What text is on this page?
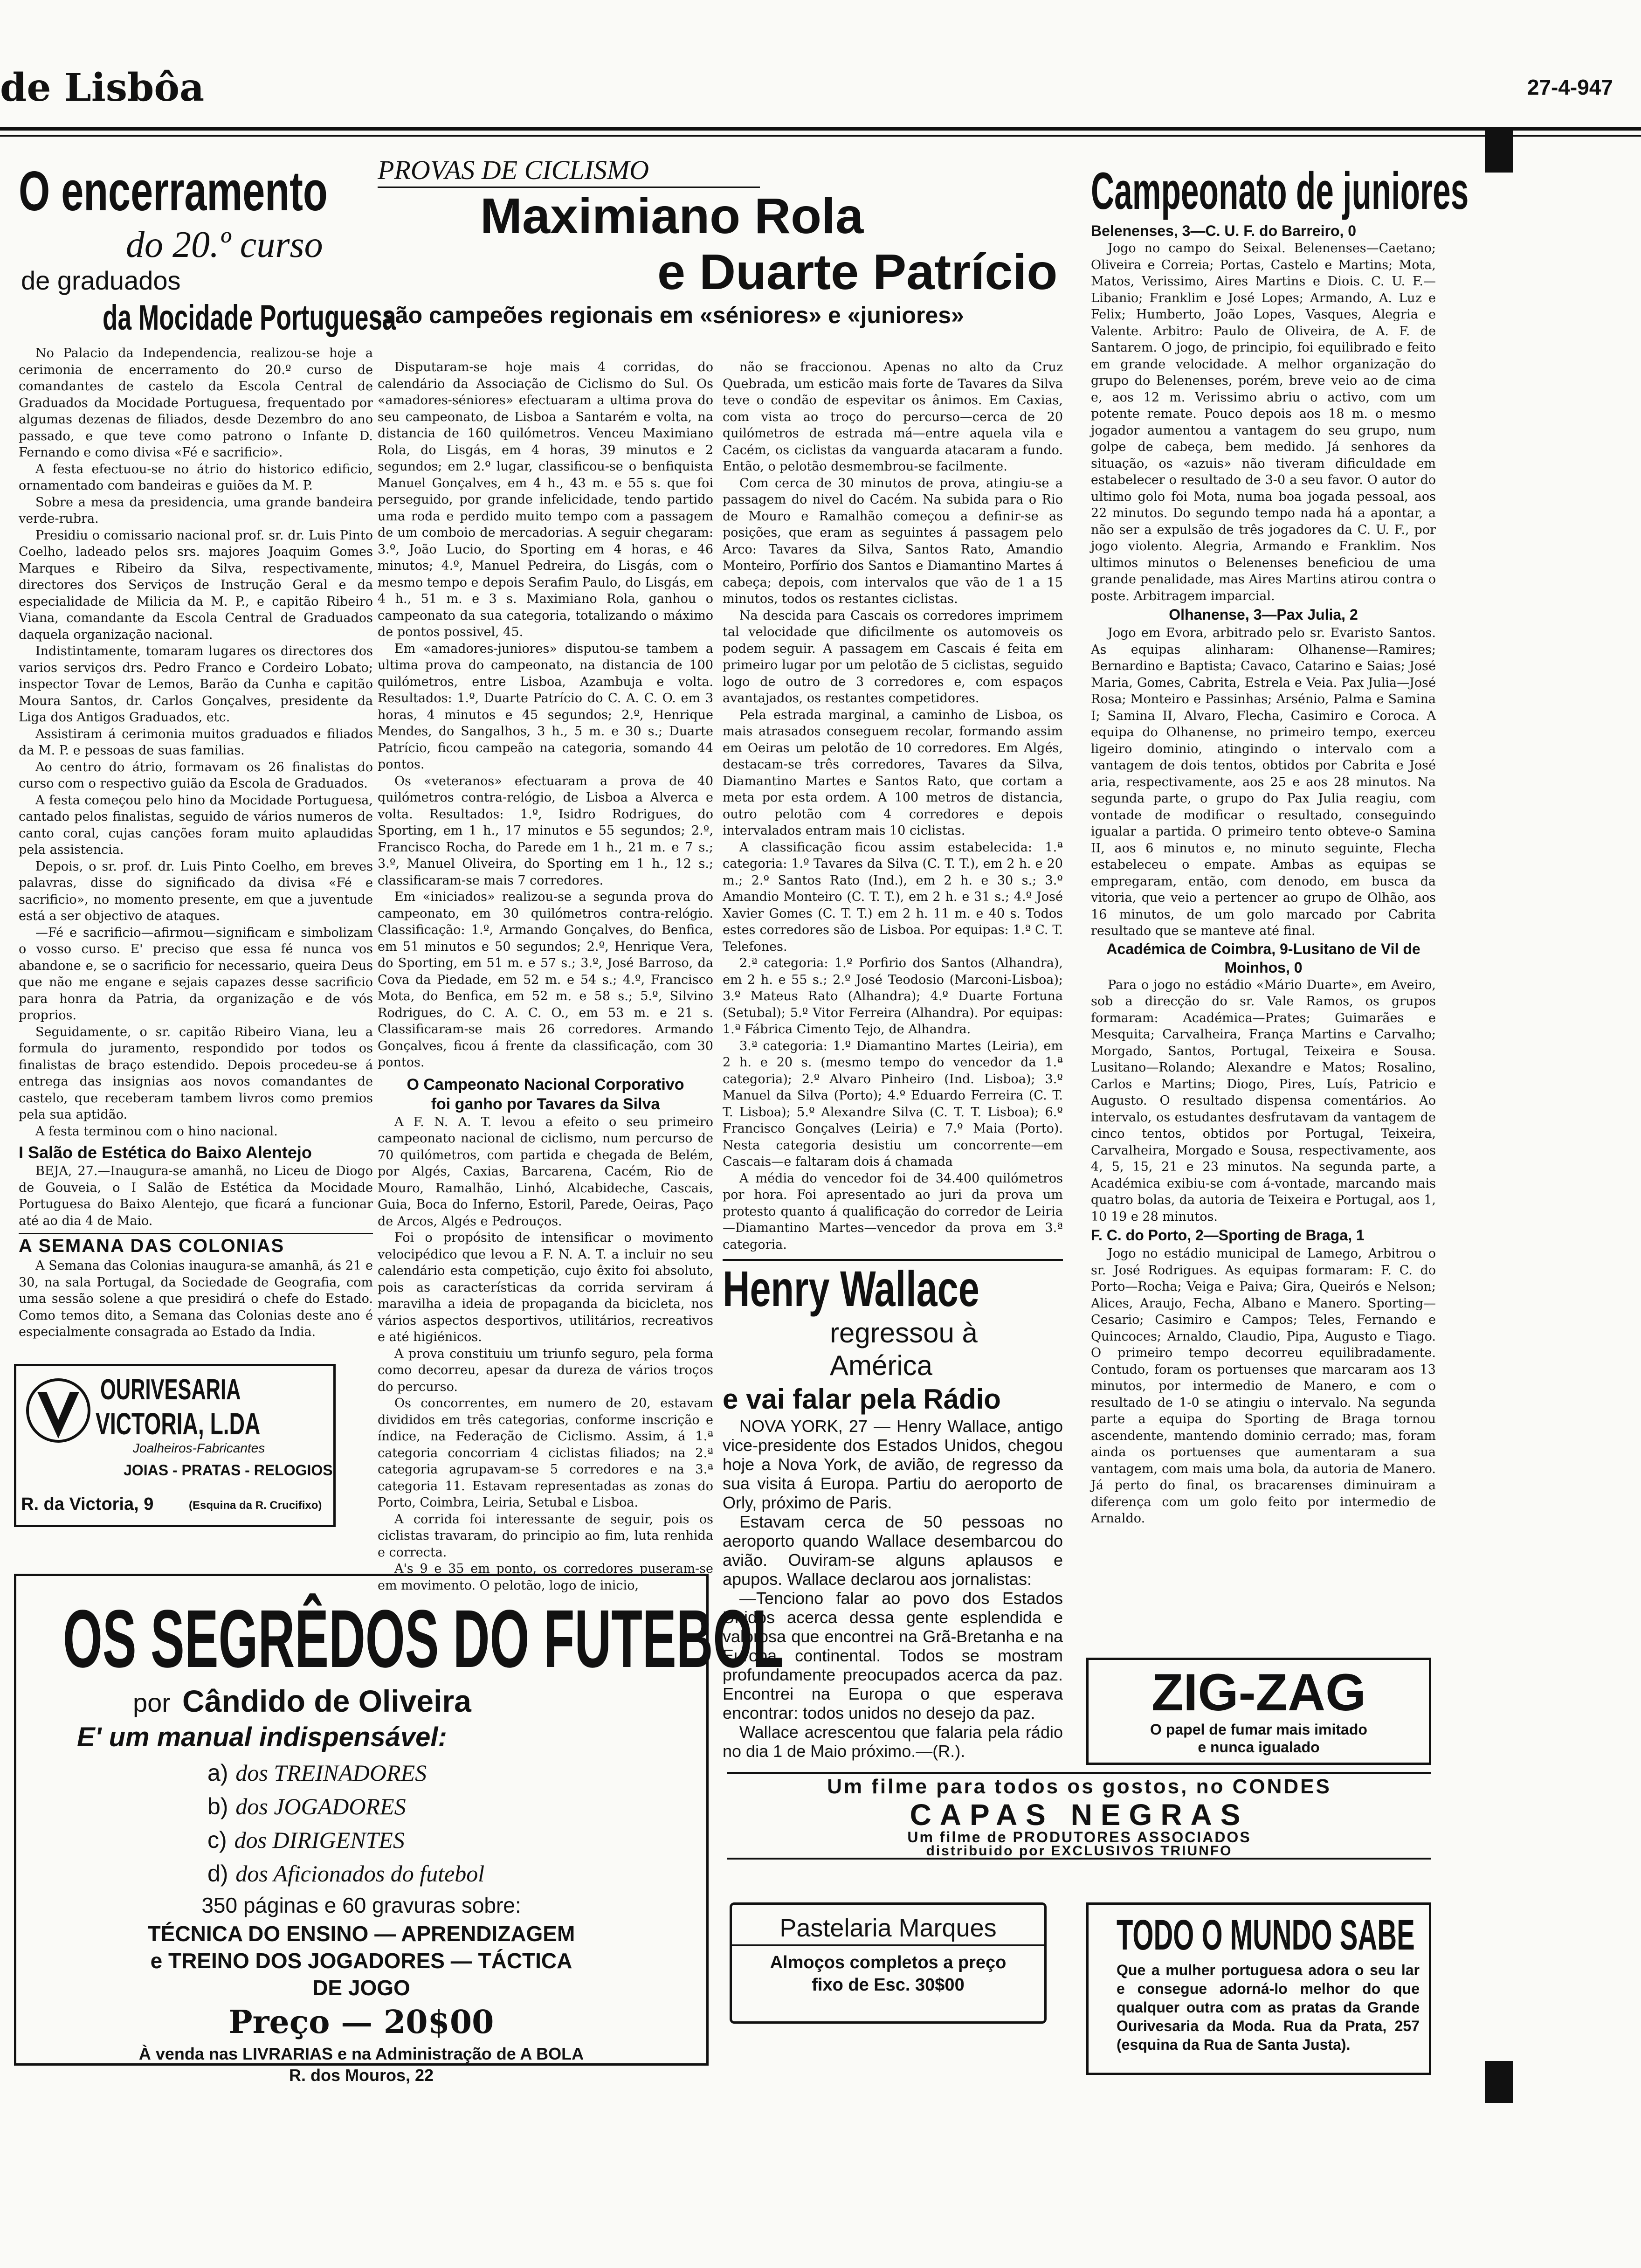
de Lisbôa	27-4-947
O encerramento
do 20.º curso
de graduados
da Mocidade Portuguesa

No Palacio da Independencia, realizou-se hoje a cerimonia de encerramento do 20.º curso de comandantes de castelo da Escola Central de Graduados da Mocidade Portuguesa, frequentado por algumas dezenas de filiados, desde Dezembro do ano passado, e que teve como patrono o Infante D. Fernando e como divisa «Fé e sacrificio».

A festa efectuou-se no átrio do historico edificio, ornamentado com bandeiras e guiões da M. P.

Sobre a mesa da presidencia, uma grande bandeira verde-rubra.

Presidiu o comissario nacional prof. sr. dr. Luis Pinto Coelho, ladeado pelos srs. majores Joaquim Gomes Marques e Ribeiro da Silva, respectivamente, directores dos Serviços de Instrução Geral e da especialidade de Milicia da M. P., e capitão Ribeiro Viana, comandante da Escola Central de Graduados daquela organização nacional.

Indistintamente, tomaram lugares os directores dos varios serviços drs. Pedro Franco e Cordeiro Lobato; inspector Tovar de Lemos, Barão da Cunha e capitão Moura Santos, dr. Carlos Gonçalves, presidente da Liga dos Antigos Graduados, etc.

Assistiram á cerimonia muitos graduados e filiados da M. P. e pessoas de suas familias.

Ao centro do átrio, formavam os 26 finalistas do curso com o respectivo guião da Escola de Graduados.

A festa começou pelo hino da Mocidade Portuguesa, cantado pelos finalistas, seguido de vários numeros de canto coral, cujas canções foram muito aplaudidas pela assistencia.

Depois, o sr. prof. dr. Luis Pinto Coelho, em breves palavras, disse do significado da divisa «Fé e sacrificio», no momento presente, em que a juventude está a ser objectivo de ataques.

—Fé e sacrificio—afirmou—significam e simbolizam o vosso curso. E' preciso que essa fé nunca vos abandone e, se o sacrificio for necessario, queira Deus que não me engane e sejais capazes desse sacrificio para honra da Patria, da organização e de vós proprios.

Seguidamente, o sr. capitão Ribeiro Viana, leu a formula do juramento, respondido por todos os finalistas de braço estendido. Depois procedeu-se á entrega das insignias aos novos comandantes de castelo, que receberam tambem livros como premios pela sua aptidão.

A festa terminou com o hino nacional.

I Salão de Estética do Baixo Alentejo

BEJA, 27.—Inaugura-se amanhã, no Liceu de Diogo de Gouveia, o I Salão de Estética da Mocidade Portuguesa do Baixo Alentejo, que ficará a funcionar até ao dia 4 de Maio.

A SEMANA DAS COLONIAS

A Semana das Colonias inaugura-se amanhã, ás 21 e 30, na sala Portugal, da Sociedade de Geografia, com uma sessão solene a que presidirá o chefe do Estado. Como temos dito, a Semana das Colonias deste ano é especialmente consagrada ao Estado da India.

OURIVESARIA
VICTORIA, L.DA
Joalheiros-Fabricantes
JOIAS - PRATAS - RELOGIOS
R. da Victoria, 9	(Esquina da R. Crucifixo)
PROVAS DE CICLISMO
Maximiano Rola
e Duarte Patrício
são campeões regionais em «séniores» e «juniores»

Disputaram-se hoje mais 4 corridas, do calendário da Associação de Ciclismo do Sul. Os «amadores-séniores» efectuaram a ultima prova do seu campeonato, de Lisboa a Santarém e volta, na distancia de 160 quilómetros. Venceu Maximiano Rola, do Lisgás, em 4 horas, 39 minutos e 2 segundos; em 2.º lugar, classificou-se o benfiquista Manuel Gonçalves, em 4 h., 43 m. e 55 s. que foi perseguido, por grande infelicidade, tendo partido uma roda e perdido muito tempo com a passagem de um comboio de mercadorias. A seguir chegaram: 3.º, João Lucio, do Sporting em 4 horas, e 46 minutos; 4.º, Manuel Pedreira, do Lisgás, com o mesmo tempo e depois Serafim Paulo, do Lisgás, em 4 h., 51 m. e 3 s. Maximiano Rola, ganhou o campeonato da sua categoria, totalizando o máximo de pontos possivel, 45.

Em «amadores-juniores» disputou-se tambem a ultima prova do campeonato, na distancia de 100 quilómetros, entre Lisboa, Azambuja e volta. Resultados: 1.º, Duarte Patrício do C. A. C. O. em 3 horas, 4 minutos e 45 segundos; 2.º, Henrique Mendes, do Sangalhos, 3 h., 5 m. e 30 s.; Duarte Patrício, ficou campeão na categoria, somando 44 pontos.

Os «veteranos» efectuaram a prova de 40 quilómetros contra-relógio, de Lisboa a Alverca e volta. Resultados: 1.º, Isidro Rodrigues, do Sporting, em 1 h., 17 minutos e 55 segundos; 2.º, Francisco Rocha, do Parede em 1 h., 21 m. e 7 s.; 3.º, Manuel Oliveira, do Sporting em 1 h., 12 s.; classificaram-se mais 7 corredores.

Em «iniciados» realizou-se a segunda prova do campeonato, em 30 quilómetros contra-relógio. Classificação: 1.º, Armando Gonçalves, do Benfica, em 51 minutos e 50 segundos; 2.º, Henrique Vera, do Sporting, em 51 m. e 57 s.; 3.º, José Barroso, da Cova da Piedade, em 52 m. e 54 s.; 4.º, Francisco Mota, do Benfica, em 52 m. e 58 s.; 5.º, Silvino Rodrigues, do C. A. C. O., em 53 m. e 21 s. Classificaram-se mais 26 corredores. Armando Gonçalves, ficou á frente da classificação, com 30 pontos.

O Campeonato Nacional Corporativo
foi ganho por Tavares da Silva

A F. N. A. T. levou a efeito o seu primeiro campeonato nacional de ciclismo, num percurso de 70 quilómetros, com partida e chegada de Belém, por Algés, Caxias, Barcarena, Cacém, Rio de Mouro, Ramalhão, Linhó, Alcabideche, Cascais, Guia, Boca do Inferno, Estoril, Parede, Oeiras, Paço de Arcos, Algés e Pedrouços.

Foi o propósito de intensificar o movimento velocipédico que levou a F. N. A. T. a incluir no seu calendário esta competição, cujo êxito foi absoluto, pois as características da corrida serviram á maravilha a ideia de propaganda da bicicleta, nos vários aspectos desportivos, utilitários, recreativos e até higiénicos.

A prova constituiu um triunfo seguro, pela forma como decorreu, apesar da dureza de vários troços do percurso.

Os concorrentes, em numero de 20, estavam divididos em três categorias, conforme inscrição e índice, na Federação de Ciclismo. Assim, á 1.ª categoria concorriam 4 ciclistas filiados; na 2.ª categoria agrupavam-se 5 corredores e na 3.ª categoria 11. Estavam representadas as zonas do Porto, Coimbra, Leiria, Setubal e Lisboa.

A corrida foi interessante de seguir, pois os ciclistas travaram, do principio ao fim, luta renhida e correcta.

A's 9 e 35 em ponto, os corredores puseram-se em movimento. O pelotão, logo de inicio,

não se fraccionou. Apenas no alto da Cruz Quebrada, um esticão mais forte de Tavares da Silva teve o condão de espevitar os ânimos. Em Caxias, com vista ao troço do percurso—cerca de 20 quilómetros de estrada má—entre aquela vila e Cacém, os ciclistas da vanguarda atacaram a fundo. Então, o pelotão desmembrou-se facilmente.

Com cerca de 30 minutos de prova, atingiu-se a passagem do nivel do Cacém. Na subida para o Rio de Mouro e Ramalhão começou a definir-se as posições, que eram as seguintes á passagem pelo Arco: Tavares da Silva, Santos Rato, Amandio Monteiro, Porfírio dos Santos e Diamantino Martes á cabeça; depois, com intervalos que vão de 1 a 15 minutos, todos os restantes ciclistas.

Na descida para Cascais os corredores imprimem tal velocidade que dificilmente os automoveis os podem seguir. A passagem em Cascais é feita em primeiro lugar por um pelotão de 5 ciclistas, seguido logo de outro de 3 corredores e, com espaços avantajados, os restantes competidores.

Pela estrada marginal, a caminho de Lisboa, os mais atrasados conseguem recolar, formando assim em Oeiras um pelotão de 10 corredores. Em Algés, destacam-se três corredores, Tavares da Silva, Diamantino Martes e Santos Rato, que cortam a meta por esta ordem. A 100 metros de distancia, outro pelotão com 4 corredores e depois intervalados entram mais 10 ciclistas.

A classificação ficou assim estabelecida: 1.ª categoria: 1.º Tavares da Silva (C. T. T.), em 2 h. e 20 m.; 2.º Santos Rato (Ind.), em 2 h. e 30 s.; 3.º Amandio Monteiro (C. T. T.), em 2 h. e 31 s.; 4.º José Xavier Gomes (C. T. T.) em 2 h. 11 m. e 40 s. Todos estes corredores são de Lisboa. Por equipas: 1.ª C. T. Telefones.

2.ª categoria: 1.º Porfirio dos Santos (Alhandra), em 2 h. e 55 s.; 2.º José Teodosio (Marconi-Lisboa); 3.º Mateus Rato (Alhandra); 4.º Duarte Fortuna (Setubal); 5.º Vitor Ferreira (Alhandra). Por equipas: 1.ª Fábrica Cimento Tejo, de Alhandra.

3.ª categoria: 1.º Diamantino Martes (Leiria), em 2 h. e 20 s. (mesmo tempo do vencedor da 1.ª categoria); 2.º Alvaro Pinheiro (Ind. Lisboa); 3.º Manuel da Silva (Porto); 4.º Eduardo Ferreira (C. T. T. Lisboa); 5.º Alexandre Silva (C. T. T. Lisboa); 6.º Francisco Gonçalves (Leiria) e 7.º Maia (Porto). Nesta categoria desistiu um concorrente—em Cascais—e faltaram dois á chamada

A média do vencedor foi de 34.400 quilómetros por hora. Foi apresentado ao juri da prova um protesto quanto á qualificação do corredor de Leiria—Diamantino Martes—vencedor da prova em 3.ª categoria.

Henry Wallace
regressou à América
e vai falar pela Rádio

NOVA YORK, 27 — Henry Wallace, antigo vice-presidente dos Estados Unidos, chegou hoje a Nova York, de avião, de regresso da sua visita á Europa. Partiu do aeroporto de Orly, próximo de Paris.

Estavam cerca de 50 pessoas no aeroporto quando Wallace desembarcou do avião. Ouviram-se alguns aplausos e apupos. Wallace declarou aos jornalistas:

—Tenciono falar ao povo dos Estados Unidos acerca dessa gente esplendida e valorosa que encontrei na Grã-Bretanha e na Europa continental. Todos se mostram profundamente preocupados acerca da paz. Encontrei na Europa o que esperava encontrar: todos unidos no desejo da paz.

Wallace acrescentou que falaria pela rádio no dia 1 de Maio próximo.—(R.).

Campeonato de juniores
Belenenses, 3—C. U. F. do Barreiro, 0

Jogo no campo do Seixal. Belenenses—Caetano; Oliveira e Correia; Portas, Castelo e Martins; Mota, Matos, Verissimo, Aires Martins e Diois. C. U. F.—Libanio; Franklim e José Lopes; Armando, A. Luz e Felix; Humberto, João Lopes, Vasques, Alegria e Valente. Arbitro: Paulo de Oliveira, de A. F. de Santarem. O jogo, de principio, foi equilibrado e feito em grande velocidade. A melhor organização do grupo do Belenenses, porém, breve veio ao de cima e, aos 12 m. Verissimo abriu o activo, com um potente remate. Pouco depois aos 18 m. o mesmo jogador aumentou a vantagem do seu grupo, num golpe de cabeça, bem medido. Já senhores da situação, os «azuis» não tiveram dificuldade em estabelecer o resultado de 3-0 a seu favor. O autor do ultimo golo foi Mota, numa boa jogada pessoal, aos 22 minutos. Do segundo tempo nada há a apontar, a não ser a expulsão de três jogadores da C. U. F., por jogo violento. Alegria, Armando e Franklim. Nos ultimos minutos o Belenenses beneficiou de uma grande penalidade, mas Aires Martins atirou contra o poste. Arbitragem imparcial.

Olhanense, 3—Pax Julia, 2

Jogo em Evora, arbitrado pelo sr. Evaristo Santos. As equipas alinharam: Olhanense—Ramires; Bernardino e Baptista; Cavaco, Catarino e Saias; José Maria, Gomes, Cabrita, Estrela e Veia. Pax Julia—José Rosa; Monteiro e Passinhas; Arsénio, Palma e Samina I; Samina II, Alvaro, Flecha, Casimiro e Coroca. A equipa do Olhanense, no primeiro tempo, exerceu ligeiro dominio, atingindo o intervalo com a vantagem de dois tentos, obtidos por Cabrita e José aria, respectivamente, aos 25 e aos 28 minutos. Na segunda parte, o grupo do Pax Julia reagiu, com vontade de modificar o resultado, conseguindo igualar a partida. O primeiro tento obteve-o Samina II, aos 6 minutos e, no minuto seguinte, Flecha estabeleceu o empate. Ambas as equipas se empregaram, então, com denodo, em busca da vitoria, que veio a pertencer ao grupo de Olhão, aos 16 minutos, de um golo marcado por Cabrita resultado que se manteve até final.

Académica de Coimbra, 9-Lusitano de Vil de Moinhos, 0

Para o jogo no estádio «Mário Duarte», em Aveiro, sob a direcção do sr. Vale Ramos, os grupos formaram: Académica—Prates; Guimarães e Mesquita; Carvalheira, França Martins e Carvalho; Morgado, Santos, Portugal, Teixeira e Sousa. Lusitano—Rolando; Alexandre e Matos; Rosalino, Carlos e Martins; Diogo, Pires, Luís, Patricio e Augusto. O resultado dispensa comentários. Ao intervalo, os estudantes desfrutavam da vantagem de cinco tentos, obtidos por Portugal, Teixeira, Carvalheira, Morgado e Sousa, respectivamente, aos 4, 5, 15, 21 e 23 minutos. Na segunda parte, a Académica exibiu-se com á-vontade, marcando mais quatro bolas, da autoria de Teixeira e Portugal, aos 1, 10 19 e 28 minutos.

F. C. do Porto, 2—Sporting de Braga, 1

Jogo no estádio municipal de Lamego, Arbitrou o sr. José Rodrigues. As equipas formaram: F. C. do Porto—Rocha; Veiga e Paiva; Gira, Queirós e Nelson; Alices, Araujo, Fecha, Albano e Manero. Sporting—Cesario; Casimiro e Campos; Teles, Fernando e Quincoces; Arnaldo, Claudio, Pipa, Augusto e Tiago. O primeiro tempo decorreu equilibradamente. Contudo, foram os portuenses que marcaram aos 13 minutos, por intermedio de Manero, e com o resultado de 1-0 se atingiu o intervalo. Na segunda parte a equipa do Sporting de Braga tornou ascendente, mantendo dominio cerrado; mas, foram ainda os portuenses que aumentaram a sua vantagem, com mais uma bola, da autoria de Manero. Já perto do final, os bracarenses diminuiram a diferença com um golo feito por intermedio de Arnaldo.

ZIG-ZAG
O papel de fumar mais imitado
e nunca igualado
OS SEGRÊDOS DO FUTEBOL
por Cândido de Oliveira
E' um manual indispensável:
a) dos TREINADORES
b) dos JOGADORES
c) dos DIRIGENTES
d) dos Aficionados do futebol
350 páginas e 60 gravuras sobre:
TÉCNICA DO ENSINO — APRENDIZAGEM
e TREINO DOS JOGADORES — TÁCTICA
DE JOGO
Preço — 20$00
À venda nas LIVRARIAS e na Administração de A BOLA
R. dos Mouros, 22
Um filme para todos os gostos, no CONDES
CAPAS NEGRAS
Um filme de PRODUTORES ASSOCIADOS
distribuido por EXCLUSIVOS TRIUNFO
Pastelaria Marques
Almoços completos a preço fixo de Esc. 30$00
TODO O MUNDO SABE
Que a mulher portuguesa adora o seu lar e consegue adorná-lo melhor do que qualquer outra com as pratas da Grande Ourivesaria da Moda. Rua da Prata, 257 (esquina da Rua de Santa Justa).
